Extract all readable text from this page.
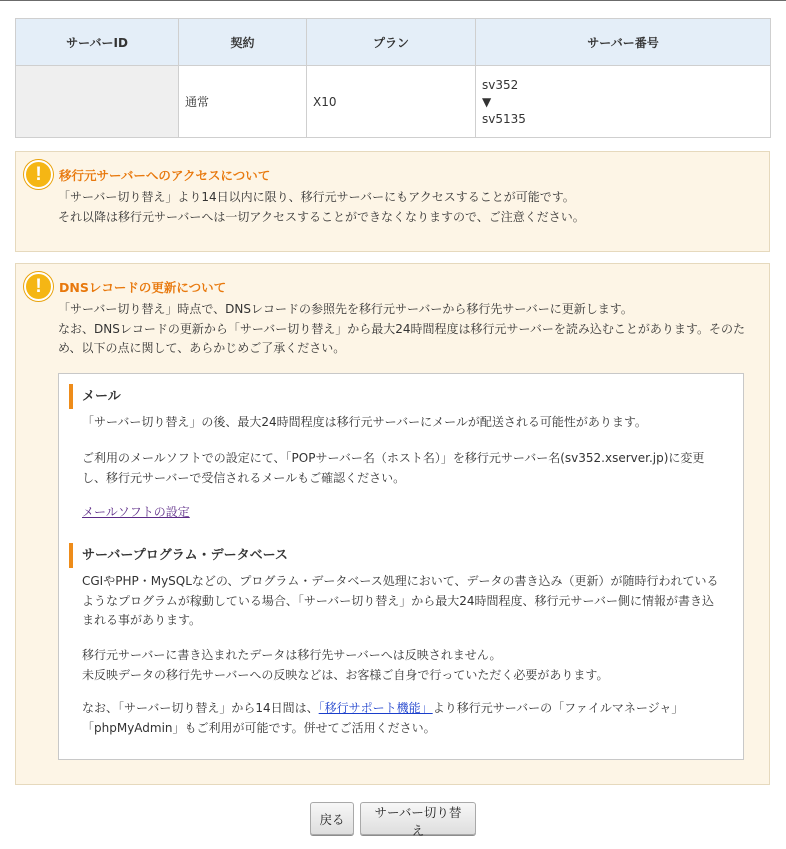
サーバーID	契約	プラン	サーバー番号
	通常	X10	sv352
▼
sv5135
!	移行元サーバーへのアクセスについて

「サーバー切り替え」より14日以内に限り、移行元サーバーにもアクセスすることが可能です。

それ以降は移行元サーバーへは一切アクセスすることができなくなりますので、ご注意ください。

!	DNSレコードの更新について

「サーバー切り替え」時点で、DNSレコードの参照先を移行元サーバーから移行先サーバーに更新します。

なお、DNSレコードの更新から「サーバー切り替え」から最大24時間程度は移行元サーバーを読み込むことがあります。そのため、以下の点に関して、あらかじめご了承ください。

メール
「サーバー切り替え」の後、最大24時間程度は移行元サーバーにメールが配送される可能性があります。
ご利用のメールソフトでの設定にて、「POPサーバー名（ホスト名）」を移行元サーバー名(sv352.xserver.jp)に変更し、移行元サーバーで受信されるメールもご確認ください。
メールソフトの設定
サーバープログラム・データベース
CGIやPHP・MySQLなどの、プログラム・データベース処理において、データの書き込み（更新）が随時行われているようなプログラムが稼動している場合、「サーバー切り替え」から最大24時間程度、移行元サーバー側に情報が書き込まれる事があります。

移行元サーバーに書き込まれたデータは移行先サーバーへは反映されません。

未反映データの移行先サーバーへの反映などは、お客様ご自身で行っていただく必要があります。

なお、「サーバー切り替え」から14日間は、「移行サポート機能」より移行元サーバーの「ファイルマネージャ」「phpMyAdmin」もご利用が可能です。併せてご活用ください。
戻る	サーバー切り替え
